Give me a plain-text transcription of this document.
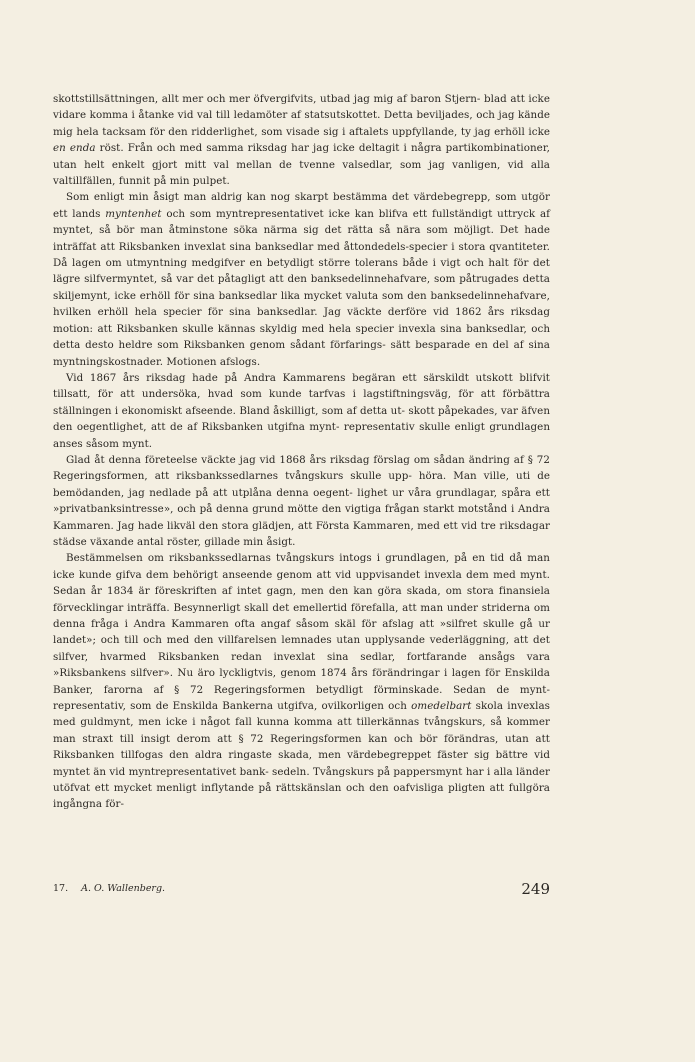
skottstillsättningen, allt mer och mer öfvergifvits, utbad jag mig af baron Stjern- blad att icke vidare komma i åtanke vid val till ledamöter af statsutskottet. Detta beviljades, och jag kände mig hela tacksam för den ridderlighet, som visade sig i aftalets uppfyllande, ty jag erhöll icke en enda röst. Från och med samma riksdag har jag icke deltagit i några partikombinationer, utan helt enkelt gjort mitt val mellan de tvenne valsedlar, som jag vanligen, vid alla valtillfällen, funnit på min pulpet.

Som enligt min åsigt man aldrig kan nog skarpt bestämma det värdebegrepp, som utgör ett lands myntenhet och som myntrepresentativet icke kan blifva ett fullständigt uttryck af myntet, så bör man åtminstone söka närma sig det rätta så nära som möjligt. Det hade inträffat att Riksbanken invexlat sina banksedlar med åttondedels-specier i stora qvantiteter. Då lagen om utmyntning medgifver en betydligt större tolerans både i vigt och halt för det lägre silfvermyntet, så var det påtagligt att den banksedelinnehafvare, som påtrugades detta skiljemynt, icke erhöll för sina banksedlar lika mycket valuta som den banksedelinnehafvare, hvilken erhöll hela specier för sina banksedlar. Jag väckte derföre vid 1862 års riksdag motion: att Riksbanken skulle kännas skyldig med hela specier invexla sina banksedlar, och detta desto heldre som Riksbanken genom sådant förfarings- sätt besparade en del af sina myntningskostnader. Motionen afslogs.

Vid 1867 års riksdag hade på Andra Kammarens begäran ett särskildt utskott blifvit tillsatt, för att undersöka, hvad som kunde tarfvas i lagstiftningsväg, för att förbättra ställningen i ekonomiskt afseende. Bland åskilligt, som af detta ut- skott påpekades, var äfven den oegentlighet, att de af Riksbanken utgifna mynt- representativ skulle enligt grundlagen anses såsom mynt.

Glad åt denna företeelse väckte jag vid 1868 års riksdag förslag om sådan ändring af § 72 Regeringsformen, att riksbankssedlarnes tvångskurs skulle upp- höra. Man ville, uti de bemödanden, jag nedlade på att utplåna denna oegent- lighet ur våra grundlagar, spåra ett »privatbanksintresse», och på denna grund mötte den vigtiga frågan starkt motstånd i Andra Kammaren. Jag hade likväl den stora glädjen, att Första Kammaren, med ett vid tre riksdagar städse växande antal röster, gillade min åsigt.

Bestämmelsen om riksbankssedlarnas tvångskurs intogs i grundlagen, på en tid då man icke kunde gifva dem behörigt anseende genom att vid uppvisandet invexla dem med mynt. Sedan år 1834 är föreskriften af intet gagn, men den kan göra skada, om stora finansiela förvecklingar inträffa. Besynnerligt skall det emellertid förefalla, att man under striderna om denna fråga i Andra Kammaren ofta angaf såsom skäl för afslag att »silfret skulle gå ur landet»; och till och med den villfarelsen lemnades utan upplysande vederläggning, att det silfver, hvarmed Riksbanken redan invexlat sina sedlar, fortfarande ansågs vara »Riksbankens silfver». Nu äro lyckligtvis, genom 1874 års förändringar i lagen för Enskilda Banker, farorna af § 72 Regeringsformen betydligt förminskade. Sedan de mynt- representativ, som de Enskilda Bankerna utgifva, ovilkorligen och omedelbart skola invexlas med guldmynt, men icke i något fall kunna komma att tillerkännas tvångskurs, så kommer man straxt till insigt derom att § 72 Regeringsformen kan och bör förändras, utan att Riksbanken tillfogas den aldra ringaste skada, men värdebegreppet fäster sig bättre vid myntet än vid myntrepresentativet bank- sedeln. Tvångskurs på pappersmynt har i alla länder utöfvat ett mycket menligt inflytande på rättskänslan och den oafvisliga pligten att fullgöra ingångna för-

17. A. O. Wallenberg.	249
